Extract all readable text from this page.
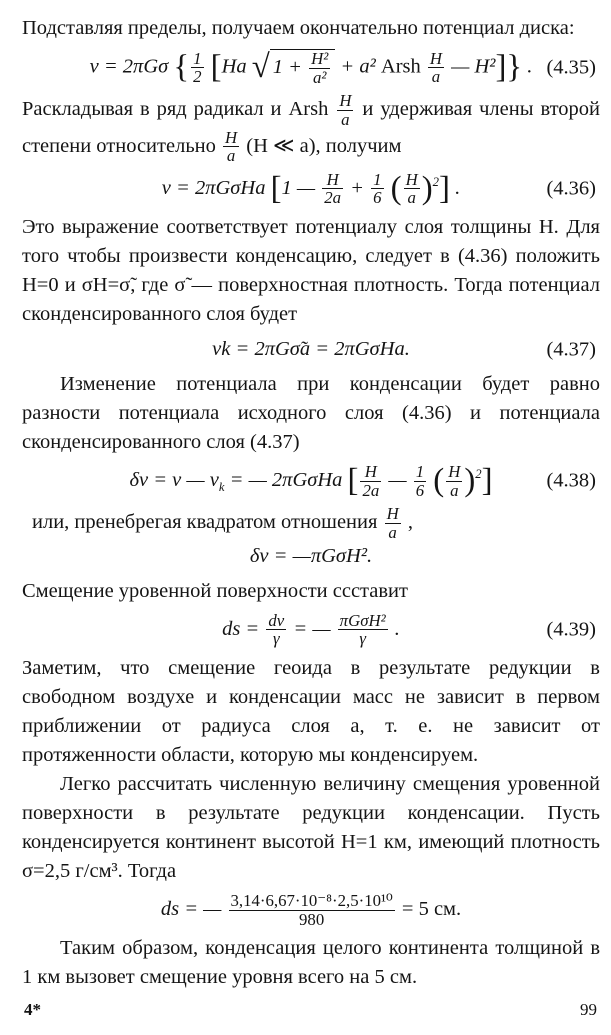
Подставляя пределы, получаем окончательно потенциал диска:

v = 2πGσ { $\frac{1}{2} [Ha$ √ $1 + \frac{\text{H²}}{\text{a²}} + a^2$ Arsh $\frac{H}{a}$ — H²]} . (4.35)

Раскладывая в ряд радикал и Arsh $\frac{H}{a}$ и удерживая члены второй степени относительно $\frac{H}{a} (H$ ≪ a), получим

v = 2πGσHa [1 — $\frac{H}{2a} + \frac{1}{6}$ ( $\frac{H}{a} )^2$] .	(4.36)

Это выражение соответствует потенциалу слоя толщины H. Для того чтобы произвести конденсацию, следует в (4.36) положить H=0 и σH=σ̃, где σ̃ — поверхностная плотность. Тогда потенциал сконденсированного слоя будет

vk = 2πGσ̃a = 2πGσHa.	(4.37)

Изменение потенциала при конденсации будет равно разности потенциала исходного слоя (4.36) и потенциала сконденсированного слоя (4.37)

δv = v — $v_k$ = — 2πGσHa [ $\frac{H}{2a}$ — $\frac{1}{6}$ ( $\frac{H}{a} )^2$]	(4.38)

или, пренебрегая квадратом отношения $\frac{H}{a}$ ,

δv = —πGσH².

Смещение уровенной поверхности ссставит

ds = $\frac{dv}{\gamma}$ = — $\frac{\text{πGσH²}}{\gamma}$ .	(4.39)

Заметим, что смещение геоида в результате редукции в свободном воздухе и конденсации масс не зависит в первом приближении от радиуса слоя a, т. е. не зависит от протяженности области, которую мы конденсируем.

Легко рассчитать численную величину смещения уровенной поверхности в результате редукции конденсации. Пусть конденсируется континент высотой H=1 км, имеющий плотность σ=2,5 г/см³. Тогда

ds = — $\frac{\text{3,14·6,67·10⁻⁸·2,5·10¹⁰}}{980} = 5$ см.

Таким образом, конденсация целого континента толщиной в 1 км вызовет смещение уровня всего на 5 см.

4*	99
